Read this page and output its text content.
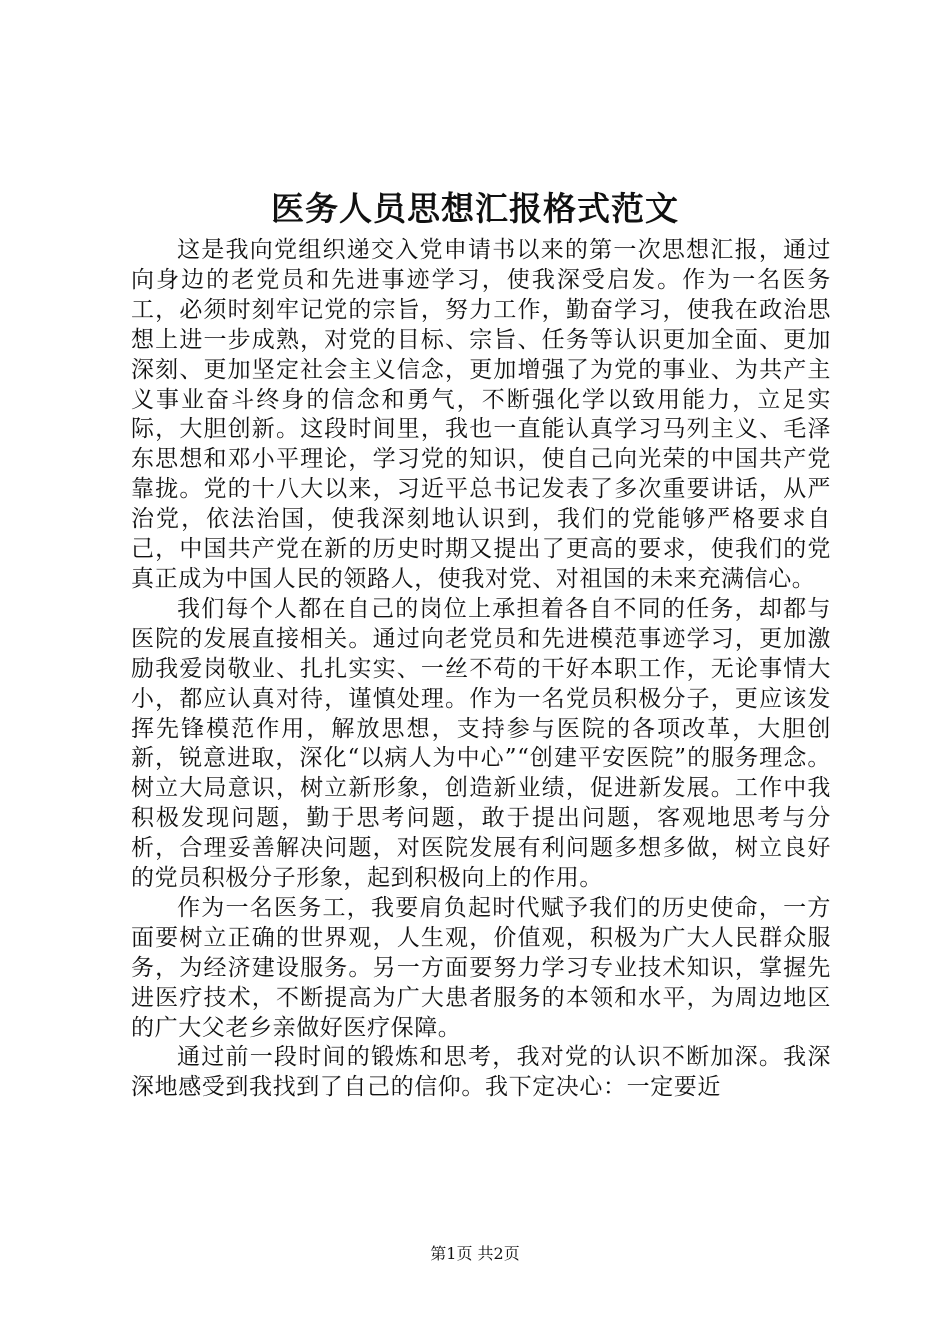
医务人员思想汇报格式范文

这是我向党组织递交入党申请书以来的第一次思想汇报，通过向身边的老党员和先进事迹学习，使我深受启发。作为一名医务工，必须时刻牢记党的宗旨，努力工作，勤奋学习，使我在政治思想上进一步成熟，对党的目标、宗旨、任务等认识更加全面、更加深刻、更加坚定社会主义信念，更加增强了为党的事业、为共产主义事业奋斗终身的信念和勇气，不断强化学以致用能力，立足实际，大胆创新。这段时间里，我也一直能认真学习马列主义、毛泽东思想和邓小平理论，学习党的知识，使自己向光荣的中国共产党靠拢。党的十八大以来，习近平总书记发表了多次重要讲话，从严治党，依法治国，使我深刻地认识到，我们的党能够严格要求自己，中国共产党在新的历史时期又提出了更高的要求，使我们的党真正成为中国人民的领路人，使我对党、对祖国的未来充满信心。

我们每个人都在自己的岗位上承担着各自不同的任务，却都与医院的发展直接相关。通过向老党员和先进模范事迹学习，更加激励我爱岗敬业、扎扎实实、一丝不苟的干好本职工作，无论事情大小，都应认真对待，谨慎处理。作为一名党员积极分子，更应该发挥先锋模范作用，解放思想，支持参与医院的各项改革，大胆创新，锐意进取，深化“以病人为中心”“创建平安医院”的服务理念。树立大局意识，树立新形象，创造新业绩，促进新发展。工作中我积极发现问题，勤于思考问题，敢于提出问题，客观地思考与分析，合理妥善解决问题，对医院发展有利问题多想多做，树立良好的党员积极分子形象，起到积极向上的作用。

作为一名医务工，我要肩负起时代赋予我们的历史使命，一方面要树立正确的世界观，人生观，价值观，积极为广大人民群众服务，为经济建设服务。另一方面要努力学习专业技术知识，掌握先进医疗技术，不断提高为广大患者服务的本领和水平，为周边地区的广大父老乡亲做好医疗保障。

通过前一段时间的锻炼和思考，我对党的认识不断加深。我深深地感受到我找到了自己的信仰。我下定决心：一定要近

第1页 共2页
